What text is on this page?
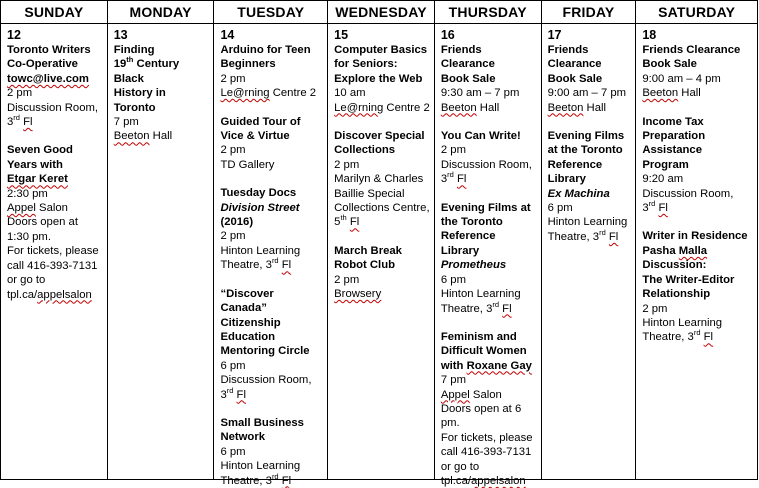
SUNDAY
12
Toronto Writers
Co-Operative
towc@live.com
2 pm
Discussion Room,
3rd Fl
Seven Good
Years with
Etgar Keret
2:30 pm
Appel Salon
Doors open at
1:30 pm.
For tickets, please
call 416-393-7131
or go to
tpl.ca/appelsalon
MONDAY
13
Finding
19th Century Black
History in Toronto
7 pm
Beeton Hall
TUESDAY
14
Arduino for Teen
Beginners
2 pm
Le@rning Centre 2
Guided Tour of
Vice & Virtue
2 pm
TD Gallery
Tuesday Docs
Division Street
(2016)
2 pm
Hinton Learning
Theatre, 3rd Fl
“Discover Canada”
Citizenship
Education
Mentoring Circle
6 pm
Discussion Room,
3rd Fl
Small Business
Network
6 pm
Hinton Learning
Theatre, 3rd Fl
WEDNESDAY
15
Computer Basics
for Seniors:
Explore the Web
10 am
Le@rning Centre 2
Discover Special
Collections
2 pm
Marilyn & Charles
Baillie Special
Collections Centre,
5th Fl
March Break
Robot Club
2 pm
Browsery
THURSDAY
16
Friends
Clearance
Book Sale
9:30 am – 7 pm
Beeton Hall
You Can Write!
2 pm
Discussion Room,
3rd Fl
Evening Films at
the Toronto
Reference Library
Prometheus
6 pm
Hinton Learning
Theatre, 3rd Fl
Feminism and
Difficult Women
with Roxane Gay
7 pm
Appel Salon
Doors open at 6 pm.
For tickets, please
call 416-393-7131
or go to
tpl.ca/appelsalon
FRIDAY
17
Friends
Clearance
Book Sale
9:00 am – 7 pm
Beeton Hall
Evening Films
at the Toronto
Reference
Library
Ex Machina
6 pm
Hinton Learning
Theatre, 3rd Fl
SATURDAY
18
Friends Clearance
Book Sale
9:00 am – 4 pm
Beeton Hall
Income Tax
Preparation
Assistance
Program
9:20 am
Discussion Room,
3rd Fl
Writer in Residence
Pasha Malla
Discussion:
The Writer-Editor
Relationship
2 pm
Hinton Learning
Theatre, 3rd Fl
